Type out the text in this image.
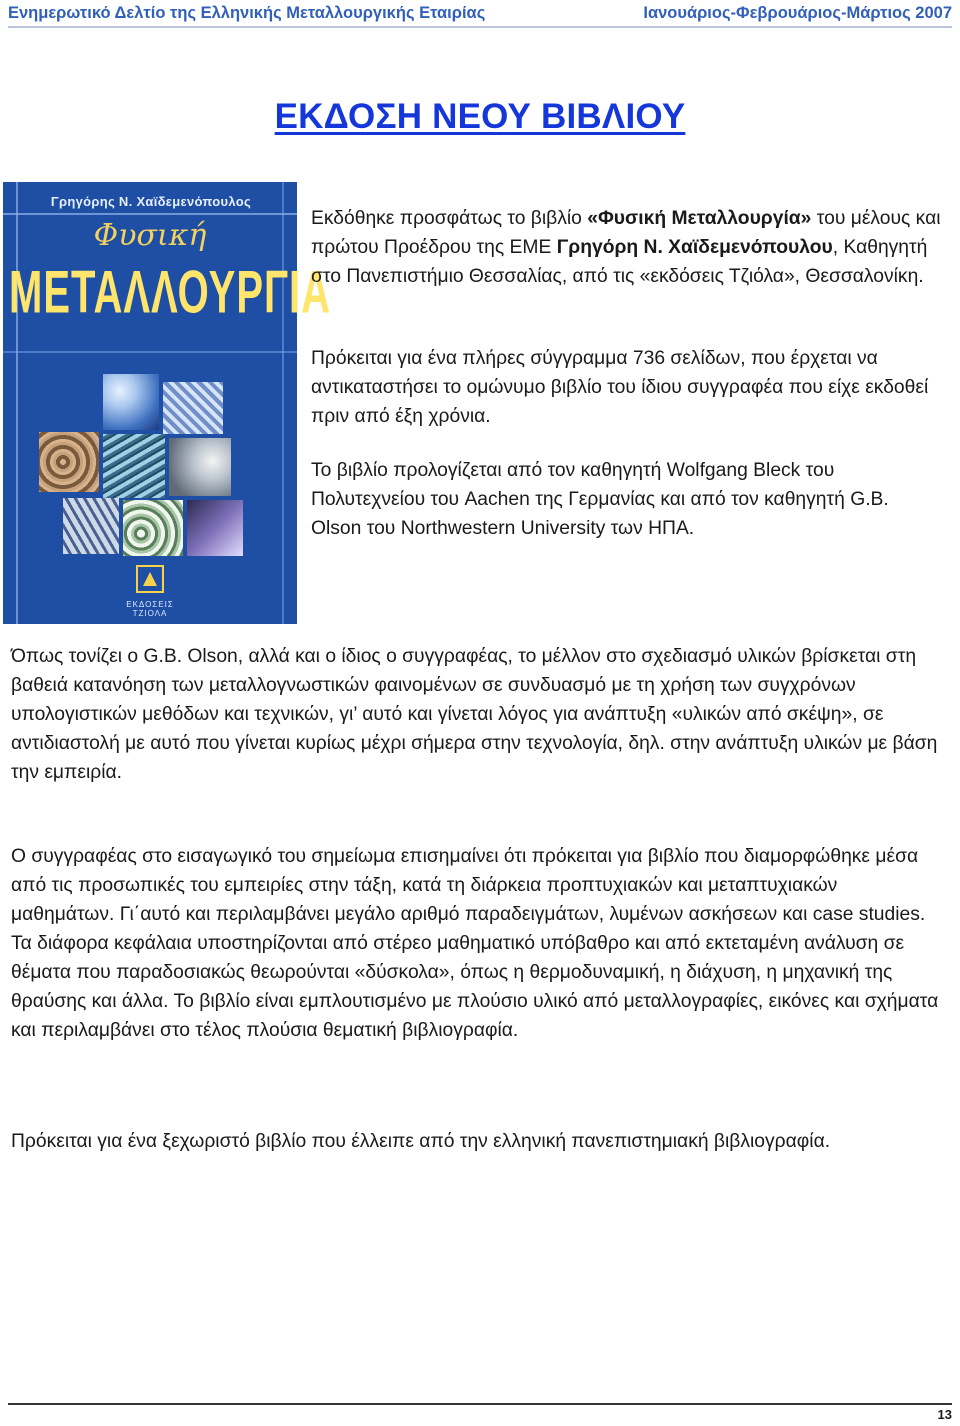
Ενημερωτικό Δελτίο της Ελληνικής Μεταλλουργικής Εταιρίας	Ιανουάριος-Φεβρουάριος-Μάρτιος 2007
ΕΚΔΟΣΗ ΝΕΟΥ ΒΙΒΛΙΟΥ
Γρηγόρης Ν. Χαϊδεμενόπουλος
Φυσική
ΜΕΤΑΛΛΟΥΡΓΙΑ
ΕΚΔΟΣΕΙΣ ΤΖΙΟΛΑ

Εκδόθηκε προσφάτως το βιβλίο «Φυσική Μεταλλουργία» του μέλους και πρώτου Προέδρου της ΕΜΕ Γρηγόρη Ν. Χαϊδεμενόπουλου, Καθηγητή στο Πανεπιστήμιο Θεσσαλίας, από τις «εκδόσεις Τζιόλα», Θεσσαλονίκη.

Πρόκειται για ένα πλήρες σύγγραμμα 736 σελίδων, που έρχεται να αντικαταστήσει το ομώνυμο βιβλίο του ίδιου συγγραφέα που είχε εκδοθεί πριν από έξη χρόνια.

Το βιβλίο προλογίζεται από τον καθηγητή Wolfgang Bleck του Πολυτεχνείου του Aachen της Γερμανίας και από τον καθηγητή G.B. Olson του Northwestern University των ΗΠΑ.

Όπως τονίζει ο G.B. Olson, αλλά και ο ίδιος ο συγγραφέας, το μέλλον στο σχεδιασμό υλικών βρίσκεται στη βαθειά κατανόηση των μεταλλογνωστικών φαινομένων σε συνδυασμό με τη χρήση των συγχρόνων υπολογιστικών μεθόδων και τεχνικών, γι’ αυτό και γίνεται λόγος για ανάπτυξη «υλικών από σκέψη», σε αντιδιαστολή με αυτό που γίνεται κυρίως μέχρι σήμερα στην τεχνολογία, δηλ. στην ανάπτυξη υλικών με βάση την εμπειρία.

Ο συγγραφέας στο εισαγωγικό του σημείωμα επισημαίνει ότι πρόκειται για βιβλίο που διαμορφώθηκε μέσα από τις προσωπικές του εμπειρίες στην τάξη, κατά τη διάρκεια προπτυχιακών και μεταπτυχιακών μαθημάτων. Γι΄αυτό και περιλαμβάνει μεγάλο αριθμό παραδειγμάτων, λυμένων ασκήσεων και case studies. Τα διάφορα κεφάλαια υποστηρίζονται από στέρεο μαθηματικό υπόβαθρο και από εκτεταμένη ανάλυση σε θέματα που παραδοσιακώς θεωρούνται «δύσκολα», όπως η θερμοδυναμική, η διάχυση, η μηχανική της θραύσης και άλλα. Το βιβλίο είναι εμπλουτισμένο με πλούσιο υλικό από μεταλλογραφίες, εικόνες και σχήματα και περιλαμβάνει στο τέλος πλούσια θεματική βιβλιογραφία.

Πρόκειται για ένα ξεχωριστό βιβλίο που έλλειπε από την ελληνική πανεπιστημιακή βιβλιογραφία.

13
